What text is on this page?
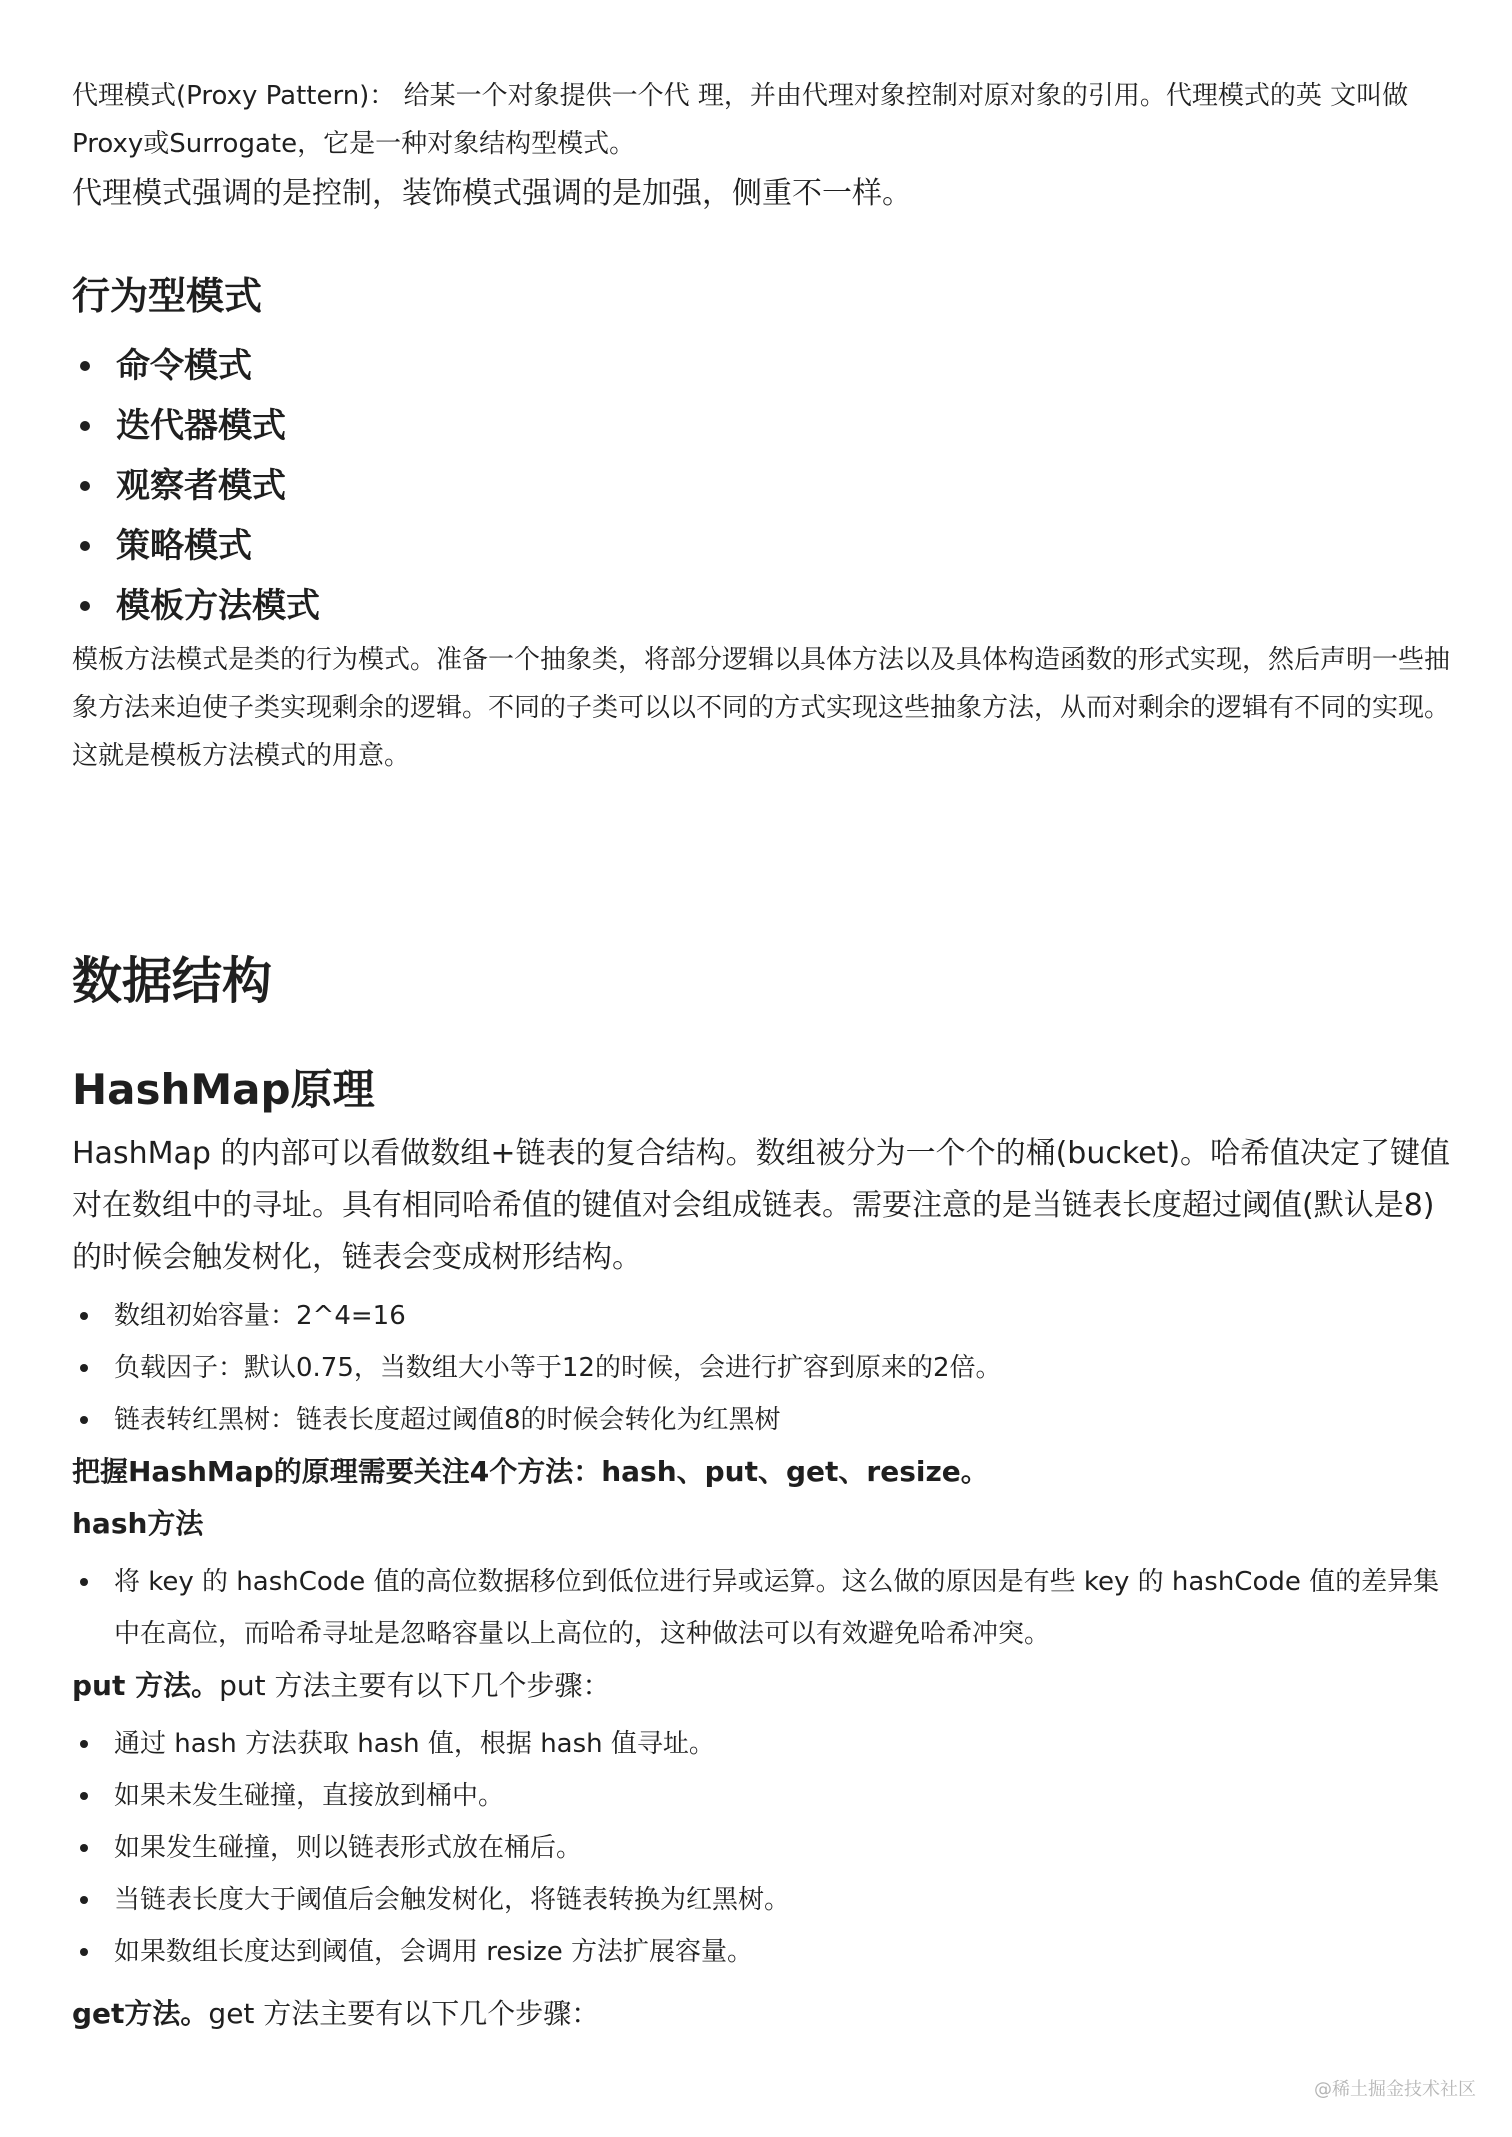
代理模式(Proxy Pattern)： 给某一个对象提供一个代 理，并由代理对象控制对原对象的引用。代理模式的英 文叫做Proxy或Surrogate，它是一种对象结构型模式。

代理模式强调的是控制，装饰模式强调的是加强，侧重不一样。

行为型模式
命令模式
迭代器模式
观察者模式
策略模式
模板方法模式

模板方法模式是类的行为模式。准备一个抽象类，将部分逻辑以具体方法以及具体构造函数的形式实现，然后声明一些抽象方法来迫使子类实现剩余的逻辑。不同的子类可以以不同的方式实现这些抽象方法，从而对剩余的逻辑有不同的实现。这就是模板方法模式的用意。

数据结构
HashMap原理

HashMap 的内部可以看做数组+链表的复合结构。数组被分为一个个的桶(bucket)。哈希值决定了键值对在数组中的寻址。具有相同哈希值的键值对会组成链表。需要注意的是当链表长度超过阈值(默认是8)的时候会触发树化，链表会变成树形结构。

数组初始容量：2^4=16
负载因子：默认0.75，当数组大小等于12的时候，会进行扩容到原来的2倍。
链表转红黑树：链表长度超过阈值8的时候会转化为红黑树

把握HashMap的原理需要关注4个方法：hash、put、get、resize。

hash方法

将 key 的 hashCode 值的高位数据移位到低位进行异或运算。这么做的原因是有些 key 的 hashCode 值的差异集中在高位，而哈希寻址是忽略容量以上高位的，这种做法可以有效避免哈希冲突。

put 方法。put 方法主要有以下几个步骤：

通过 hash 方法获取 hash 值，根据 hash 值寻址。
如果未发生碰撞，直接放到桶中。
如果发生碰撞，则以链表形式放在桶后。
当链表长度大于阈值后会触发树化，将链表转换为红黑树。
如果数组长度达到阈值，会调用 resize 方法扩展容量。

get方法。get 方法主要有以下几个步骤：

@稀土掘金技术社区
